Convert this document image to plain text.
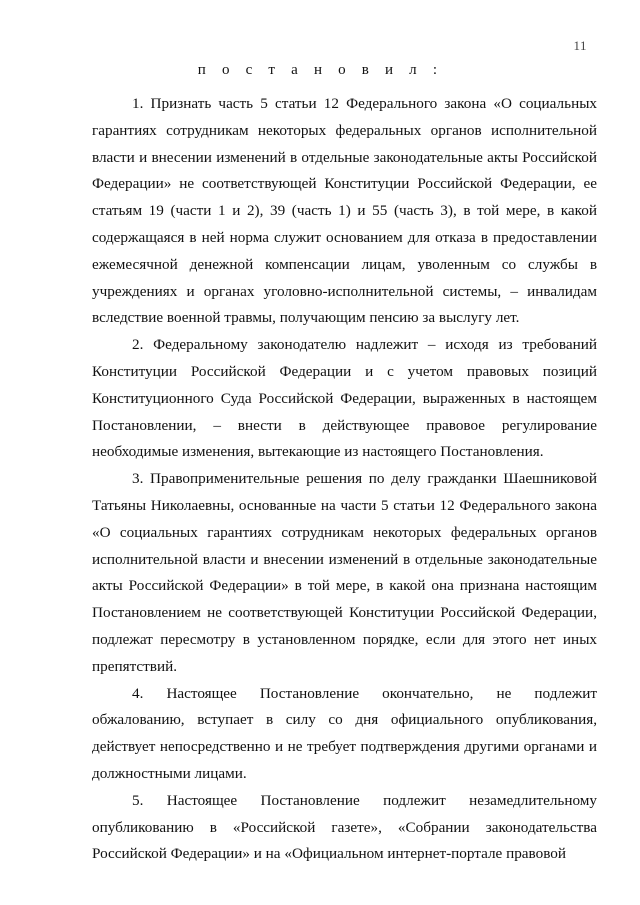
11
п о с т а н о в и л :

1. Признать часть 5 статьи 12 Федерального закона «О социальных гарантиях сотрудникам некоторых федеральных органов исполнительной власти и внесении изменений в отдельные законодательные акты Российской Федерации» не соответствующей Конституции Российской Федерации, ее статьям 19 (части 1 и 2), 39 (часть 1) и 55 (часть 3), в той мере, в какой содержащаяся в ней норма служит основанием для отказа в предоставлении ежемесячной денежной компенсации лицам, уволенным со службы в учреждениях и органах уголовно-исполнительной системы, – инвалидам вследствие военной травмы, получающим пенсию за выслугу лет.

2. Федеральному законодателю надлежит – исходя из требований Конституции Российской Федерации и с учетом правовых позиций Конституционного Суда Российской Федерации, выраженных в настоящем Постановлении, – внести в действующее правовое регулирование необходимые изменения, вытекающие из настоящего Постановления.

3. Правоприменительные решения по делу гражданки Шаешниковой Татьяны Николаевны, основанные на части 5 статьи 12 Федерального закона «О социальных гарантиях сотрудникам некоторых федеральных органов исполнительной власти и внесении изменений в отдельные законодательные акты Российской Федерации» в той мере, в какой она признана настоящим Постановлением не соответствующей Конституции Российской Федерации, подлежат пересмотру в установленном порядке, если для этого нет иных препятствий.

4. Настоящее Постановление окончательно, не подлежит обжалованию, вступает в силу со дня официального опубликования, действует непосредственно и не требует подтверждения другими органами и должностными лицами.

5. Настоящее Постановление подлежит незамедлительному опубликованию в «Российской газете», «Собрании законодательства Российской Федерации» и на «Официальном интернет-портале правовой
